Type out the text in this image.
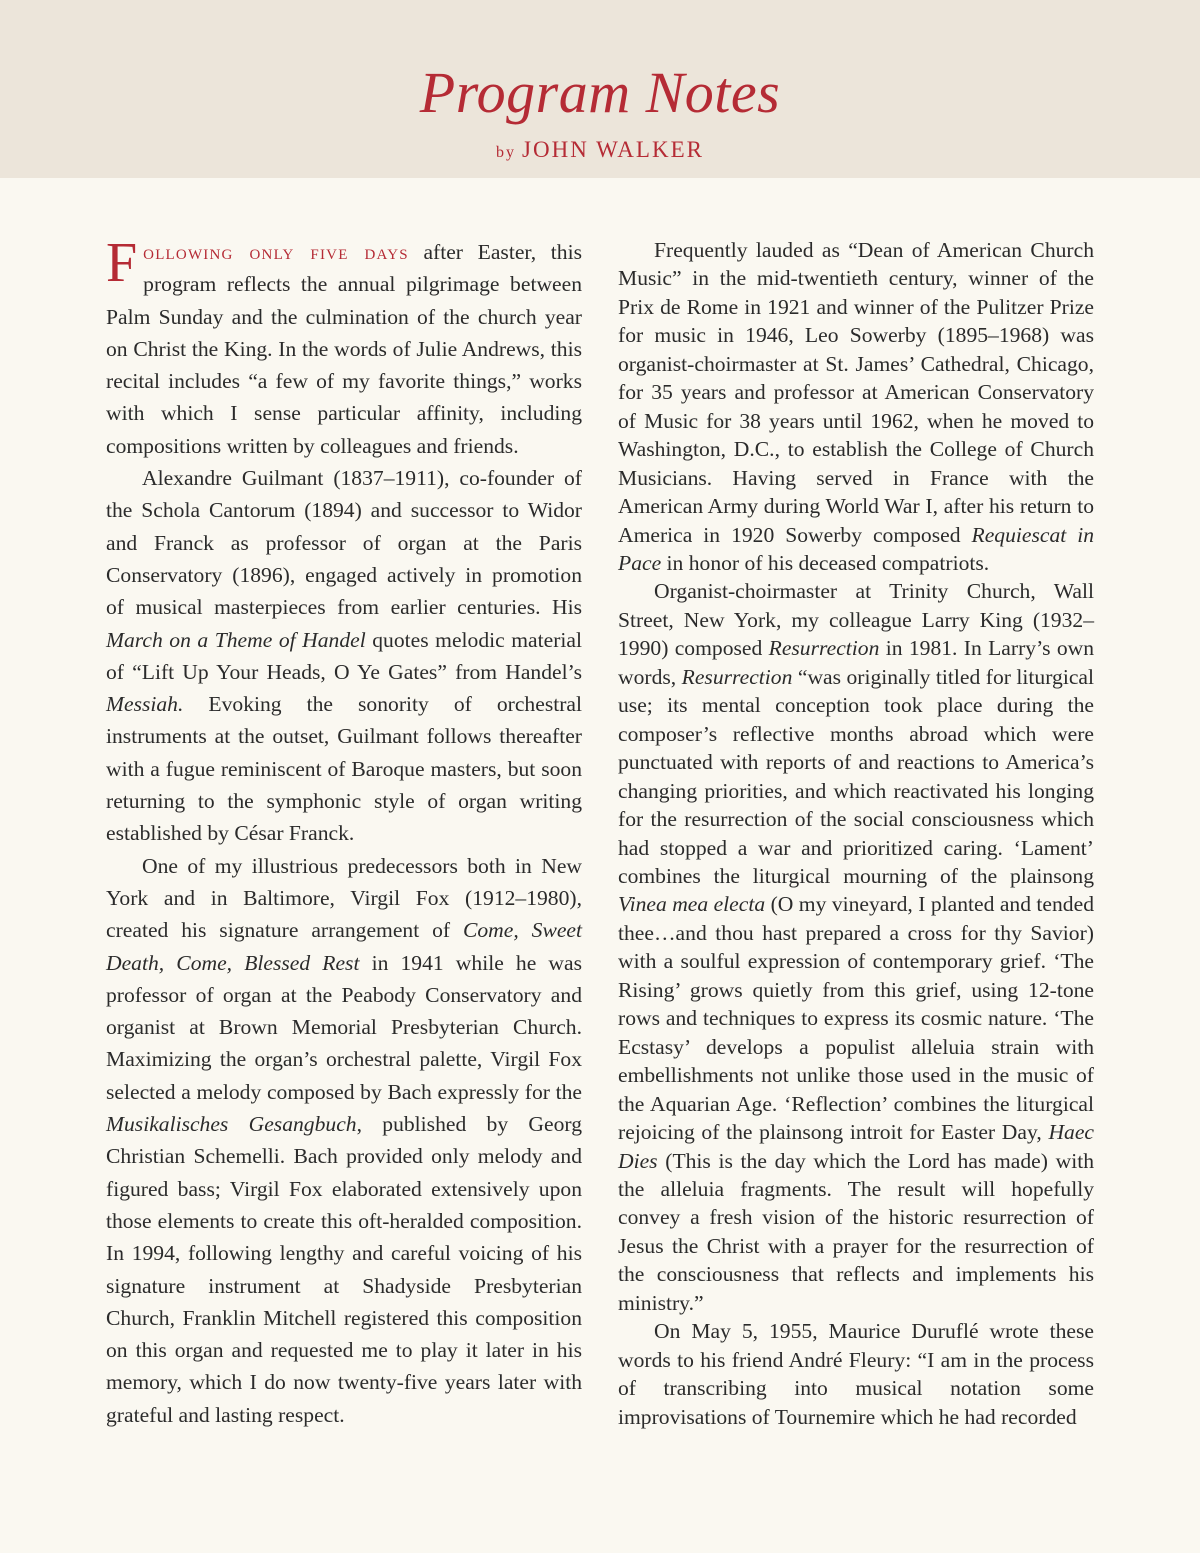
Program Notes
by JOHN WALKER

Following only five days after Easter, this program reflects the annual pilgrimage between Palm Sunday and the culmination of the church year on Christ the King. In the words of Julie Andrews, this recital includes “a few of my favorite things,” works with which I sense particular affinity, including compositions written by colleagues and friends.

Alexandre Guilmant (1837–1911), co-founder of the Schola Cantorum (1894) and successor to Widor and Franck as professor of organ at the Paris Conservatory (1896), engaged actively in promotion of musical masterpieces from earlier centuries. His March on a Theme of Handel quotes melodic material of “Lift Up Your Heads, O Ye Gates” from Handel’s Messiah. Evoking the sonority of orchestral instruments at the outset, Guilmant follows thereafter with a fugue reminiscent of Baroque masters, but soon returning to the symphonic style of organ writing established by César Franck.

One of my illustrious predecessors both in New York and in Baltimore, Virgil Fox (1912–1980), created his signature arrangement of Come, Sweet Death, Come, Blessed Rest in 1941 while he was professor of organ at the Peabody Conservatory and organist at Brown Memorial Presbyterian Church. Maximizing the organ’s orchestral palette, Virgil Fox selected a melody composed by Bach expressly for the Musikalisches Gesangbuch, published by Georg Christian Schemelli. Bach provided only melody and figured bass; Virgil Fox elaborated extensively upon those elements to create this oft-heralded composition. In 1994, following lengthy and careful voicing of his signature instrument at Shadyside Presbyterian Church, Franklin Mitchell registered this composition on this organ and requested me to play it later in his memory, which I do now twenty-five years later with grateful and lasting respect.

Frequently lauded as “Dean of American Church Music” in the mid-twentieth century, winner of the Prix de Rome in 1921 and winner of the Pulitzer Prize for music in 1946, Leo Sowerby (1895–1968) was organist-choirmaster at St. James’ Cathedral, Chicago, for 35 years and professor at American Conservatory of Music for 38 years until 1962, when he moved to Washington, D.C., to establish the College of Church Musicians. Having served in France with the American Army during World War I, after his return to America in 1920 Sowerby composed Requiescat in Pace in honor of his deceased compatriots.

Organist-choirmaster at Trinity Church, Wall Street, New York, my colleague Larry King (1932–1990) composed Resurrection in 1981. In Larry’s own words, Resurrection “was originally titled for liturgical use; its mental conception took place during the composer’s reflective months abroad which were punctuated with reports of and reactions to America’s changing priorities, and which reactivated his longing for the resurrection of the social consciousness which had stopped a war and prioritized caring. ‘Lament’ combines the liturgical mourning of the plainsong Vinea mea electa (O my vineyard, I planted and tended thee…and thou hast prepared a cross for thy Savior) with a soulful expression of contemporary grief. ‘The Rising’ grows quietly from this grief, using 12-tone rows and techniques to express its cosmic nature. ‘The Ecstasy’ develops a populist alleluia strain with embellishments not unlike those used in the music of the Aquarian Age. ‘Reflection’ combines the liturgical rejoicing of the plainsong introit for Easter Day, Haec Dies (This is the day which the Lord has made) with the alleluia fragments. The result will hopefully convey a fresh vision of the historic resurrection of Jesus the Christ with a prayer for the resurrection of the consciousness that reflects and implements his ministry.”

On May 5, 1955, Maurice Duruflé wrote these words to his friend André Fleury: “I am in the process of transcribing into musical notation some improvisations of Tournemire which he had recorded
